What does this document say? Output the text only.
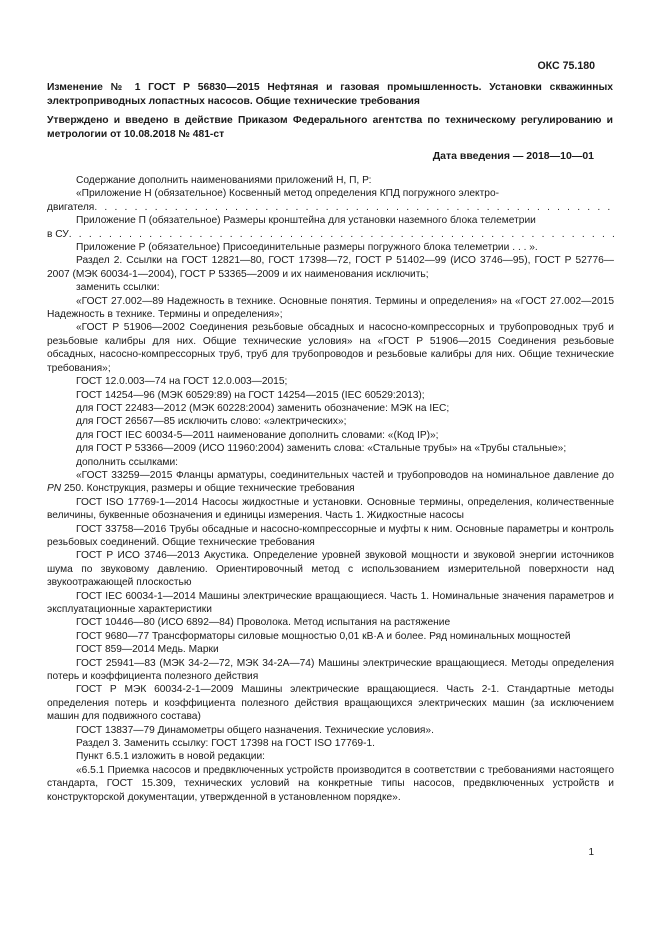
ОКС 75.180
Изменение № 1 ГОСТ Р 56830—2015 Нефтяная и газовая промышленность. Установки скважинных электроприводных лопастных насосов. Общие технические требования
Утверждено и введено в действие Приказом Федерального агентства по техническому регулированию и метрологии от 10.08.2018 № 481-ст
Дата введения — 2018—10—01

Содержание дополнить наименованиями приложений Н, П, Р:

«Приложение Н (обязательное) Косвенный метод определения КПД погружного электро-

двигателя
. . .

Приложение П (обязательное) Размеры кронштейна для установки наземного блока телеметрии

в СУ
. . .
Приложение Р (обязательное) Присоединительные размеры погружного блока телеметрии . . . ».

Раздел 2. Ссылки на ГОСТ 12821—80, ГОСТ 17398—72, ГОСТ Р 51402—99 (ИСО 3746—95), ГОСТ Р 52776—2007 (МЭК 60034-1—2004), ГОСТ Р 53365—2009 и их наименования исключить;

заменить ссылки:

«ГОСТ 27.002—89 Надежность в технике. Основные понятия. Термины и определения» на «ГОСТ 27.002—2015 Надежность в технике. Термины и определения»;

«ГОСТ Р 51906—2002 Соединения резьбовые обсадных и насосно-компрессорных и трубопроводных труб и резьбовые калибры для них. Общие технические условия» на «ГОСТ Р 51906—2015 Соединения резьбовые обсадных, насосно-компрессорных труб, труб для трубопроводов и резьбовые калибры для них. Общие технические требования»;

ГОСТ 12.0.003—74 на ГОСТ 12.0.003—2015;

ГОСТ 14254—96 (МЭК 60529:89) на ГОСТ 14254—2015 (IEC 60529:2013);

для ГОСТ 22483—2012 (МЭК 60228:2004) заменить обозначение: МЭК на IEC;

для ГОСТ 26567—85 исключить слово: «электрических»;

для ГОСТ IEC 60034-5—2011 наименование дополнить словами: «(Код IP)»;

для ГОСТ Р 53366—2009 (ИСО 11960:2004) заменить слова: «Стальные трубы» на «Трубы стальные»;

дополнить ссылками:

«ГОСТ 33259—2015 Фланцы арматуры, соединительных частей и трубопроводов на номинальное давление до PN 250. Конструкция, размеры и общие технические требования

ГОСТ ISO 17769-1—2014 Насосы жидкостные и установки. Основные термины, определения, количественные величины, буквенные обозначения и единицы измерения. Часть 1. Жидкостные насосы

ГОСТ 33758—2016 Трубы обсадные и насосно-компрессорные и муфты к ним. Основные параметры и контроль резьбовых соединений. Общие технические требования

ГОСТ Р ИСО 3746—2013 Акустика. Определение уровней звуковой мощности и звуковой энергии источников шума по звуковому давлению. Ориентировочный метод с использованием измерительной поверхности над звукоотражающей плоскостью

ГОСТ IEC 60034-1—2014 Машины электрические вращающиеся. Часть 1. Номинальные значения параметров и эксплуатационные характеристики

ГОСТ 10446—80 (ИСО 6892—84) Проволока. Метод испытания на растяжение

ГОСТ 9680—77 Трансформаторы силовые мощностью 0,01 кВ·А и более. Ряд номинальных мощностей

ГОСТ 859—2014 Медь. Марки

ГОСТ 25941—83 (МЭК 34-2—72, МЭК 34-2А—74) Машины электрические вращающиеся. Методы определения потерь и коэффициента полезного действия

ГОСТ Р МЭК 60034-2-1—2009 Машины электрические вращающиеся. Часть 2-1. Стандартные методы определения потерь и коэффициента полезного действия вращающихся электрических машин (за исключением машин для подвижного состава)

ГОСТ 13837—79 Динамометры общего назначения. Технические условия».

Раздел 3. Заменить ссылку: ГОСТ 17398 на ГОСТ ISO 17769-1.

Пункт 6.5.1 изложить в новой редакции:

«6.5.1 Приемка насосов и предвключенных устройств производится в соответствии с требованиями настоящего стандарта, ГОСТ 15.309, технических условий на конкретные типы насосов, предвключенных устройств и конструкторской документации, утвержденной в установленном порядке».

1
